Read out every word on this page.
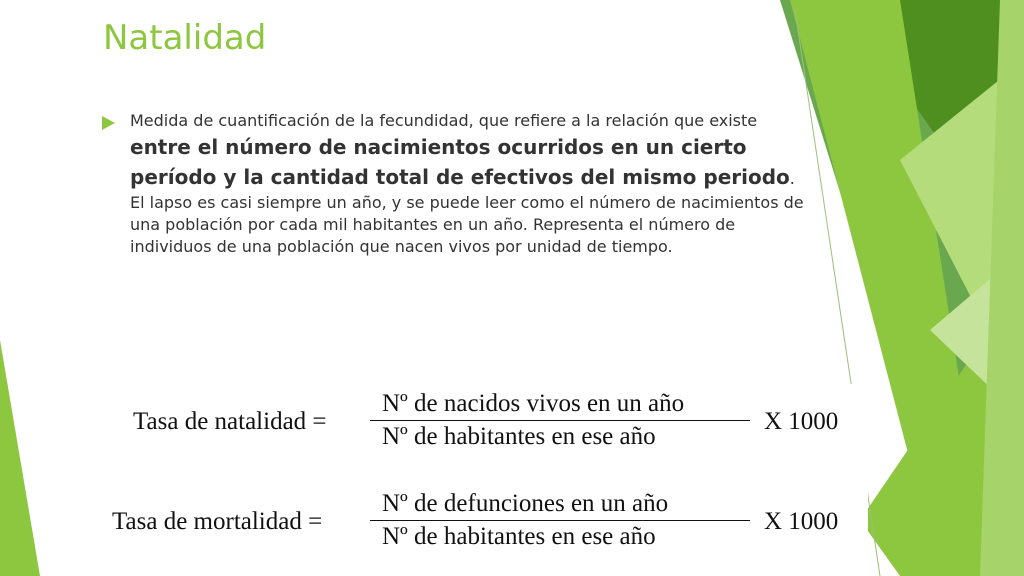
Natalidad
Medida de cuantificación de la fecundidad, que refiere a la relación que existe entre el número de nacimientos ocurridos en un cierto período y la cantidad total de efectivos del mismo periodo. El lapso es casi siempre un año, y se puede leer como el número de nacimientos de una población por cada mil habitantes en un año. Representa el número de individuos de una población que nacen vivos por unidad de tiempo.
Tasa de natalidad =
Nº de nacidos vivos en un año
Nº de habitantes en ese año
X 1000
Tasa de mortalidad =
Nº de defunciones en un año
Nº de habitantes en ese año
X 1000
